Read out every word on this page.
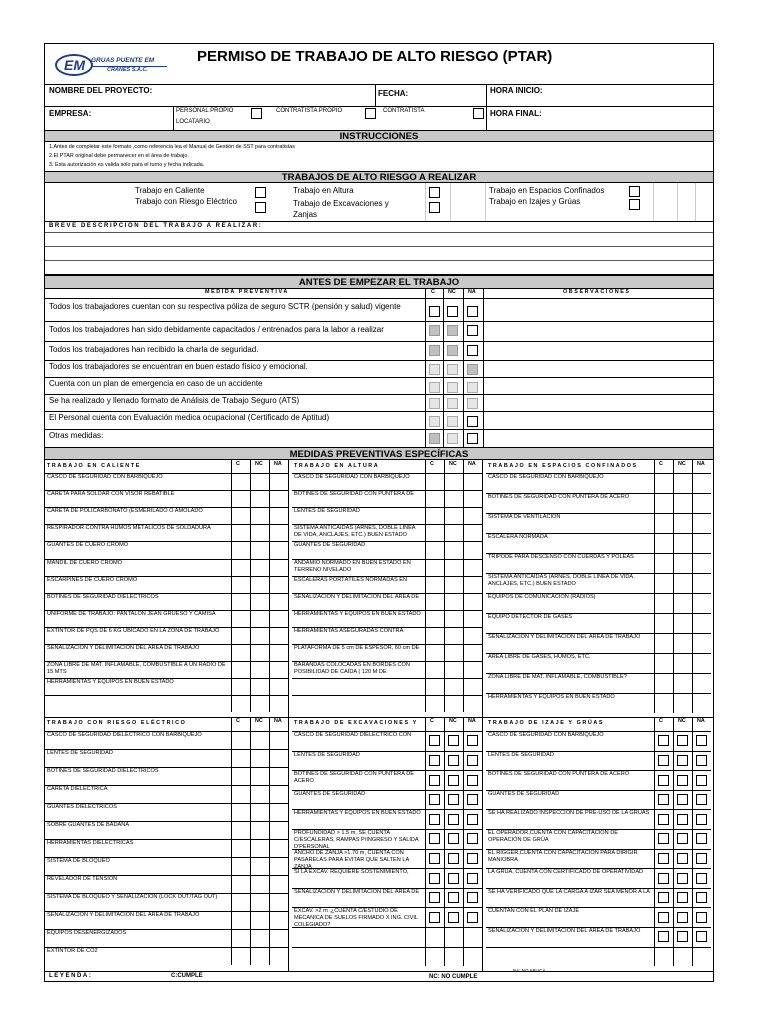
EM GRUAS PUENTE EM
CRANES S.A.C.
PERMISO DE TRABAJO DE ALTO RIESGO (PTAR)
NOMBRE DEL PROYECTO:	FECHA:	HORA INICIO:
EMPRESA:	PERSONAL PROPIO	CONTRATISTA PROPIO	CONTRATISTA
LOCATARIO
HORA FINAL:
INSTRUCCIONES
1.Antes de completar este formato ,como referencia lea el Manual de Gestión de SST para contratistas
2.El PTAR original debe permanecer en el área de trabajo.
3. Esta autorización es valida solo para el turno y fecha indicada.
TRABAJOS DE ALTO RIESGO A REALIZAR
Trabajo en Caliente
Trabajo con Riesgo Eléctrico
Trabajo en Altura
Trabajo de Excavaciones y Zanjas
Trabajo en Espacios Confinados
Trabajo en Izajes y Grúas
BREVE DESCRIPCIÓN DEL TRABAJO A REALIZAR:
ANTES DE EMPEZAR EL TRABAJO
MEDIDA PREVENTIVA	C NC NA	OBSERVACIONES
Todos los trabajadores cuentan con su respectiva póliza de seguro SCTR (pensión y salud) vigente
Todos los trabajadores han sido debidamente capacitados / entrenados para la labor a realizar
Todos los trabajadores han recibido la charla de seguridad.
Todos los trabajadores se encuentran en buen estado físico y emocional.
Cuenta con un plan de emergencia en caso de un accidente
Se ha realizado y llenado formato de Análisis de Trabajo Seguro (ATS)
El Personal cuenta con Evaluación medica ocupacional (Certificado de Aptitud)
Otras medidas:
MEDIDAS PREVENTIVAS ESPECÍFICAS
TRABAJO EN CALIENTE	C	NC NA
CASCO DE SEGURIDAD CON BARBIQUEJO
CARETA PARA SOLDAR CON VISOR REBATIBLE
CARETA DE POLICARBONATO (ESMERILADO O AMOLADO
RESPIRADOR CONTRA HUMOS METÁLICOS DE SOLDADURA
GUANTES DE CUERO CROMO
MANDIL DE CUERO CROMO
ESCARPINES DE CUERO CROMO
BOTINES DE SEGURIDAD DIELÉCTRICOS
UNIFORME DE TRABAJO: PANTALÓN JEAN GRUESO Y CAMISA
EXTINTOR DE PQS DE 6 KG UBICADO EN LA ZONA DE TRABAJO
SEÑALIZACIÓN Y DELIMITACIÓN DEL ÁREA DE TRABAJO
ZONA LIBRE DE MAT. INFLAMABLE, COMBUSTIBLE A UN RADIO DE 15 MTS
HERRAMIENTAS Y EQUIPOS EN BUEN ESTADO
TRABAJO EN ALTURA	C	NC NA
CASCO DE SEGURIDAD CON BARBIQUEJO
BOTINES DE SEGURIDAD CON PUNTERA DE
LENTES DE SEGURIDAD
SISTEMA ANTICAIDAS (ARNES, DOBLE LINEA DE VIDA, ANCLAJES, ETC.) BUEN ESTADO
GUANTES DE SEGURIDAD
ANDAMIO NORMADO EN BUEN ESTADO EN TERRENO NIVELADO
ESCALERAS PORTÁTILES NORMADAS EN
SEÑALIZACIÓN Y DELIMITACIÓN DEL ÁREA DE
HERRAMIENTAS Y EQUIPOS EN BUEN ESTADO
HERRAMIENTAS ASEGURADAS CONTRA
PLATAFORMA DE 5 cm DE ESPESOR, 60 cm DE
BARANDAS COLOCADAS EN BORDES CON POSIBILIDAD DE CAÍDA ( 120 M DE
TRABAJO EN ESPACIOS CONFINADOS	C	NC NA
CASCO DE SEGURIDAD CON BARBIQUEJO
BOTINES DE SEGURIDAD CON PUNTERA DE ACERO
SISTEMA DE VENTILACIÓN
ESCALERA NORMADA
TRIPODE PARA DESCENSO CON CUERDAS Y POLEAS
SISTEMA ANTICAIDAS (ARNES, DOBLE LINEA DE VIDA, ANCLAJES, ETC.) BUEN ESTADO
EQUIPOS DE COMUNICACIÓN (RADIOS)
EQUIPO DETECTOR DE GASES
SEÑALIZACIÓN Y DELIMITACIÓN DEL ÁREA DE TRABAJO
ÁREA LIBRE DE GASES, HUMOS, ETC.
ZONA LIBRE DE MAT. INFLAMABLE, COMBUSTIBLE?
HERRAMIENTAS Y EQUIPOS EN BUEN ESTADO
TRABAJO CON RIESGO ELÉCTRICO	C	NC NA
CASCO DE SEGURIDAD DIELECTRICO CON BARBIQUEJO
LENTES DE SEGURIDAD
BOTINES DE SEGURIDAD DIELÉCTRICOS
CARETA DIELÉCTRICA
GUANTES DIELÉCTRICOS
SOBRE GUANTES DE BADANA
HERRAMIENTAS DIELÉCTRICAS
SISTEMA DE BLOQUEO
REVELADOR DE TENSIÓN
SISTEMA DE BLOQUEO Y SEÑALIZACIÓN (LOCK OUT/TAG OUT)
SEÑALIZACIÓN Y DELIMITACIÓN DEL ÁREA DE TRABAJO
EQUIPOS DESENERGIZADOS
EXTINTOR DE CO2
TRABAJO DE EXCAVACIONES Y	C	NC NA
CASCO DE SEGURIDAD DIELECTRICO CON
LENTES DE SEGURIDAD
BOTINES DE SEGURIDAD CON PUNTERA DE ACERO
GUANTES DE SEGURIDAD
HERRAMIENTAS Y EQUIPOS EN BUEN ESTADO
PROFUNDIDAD > 1.5 m, SE CUENTA C/ESCALERAS, RAMPAS P/INGRESO Y SALIDA D'PERSONAL
ANCHO DE ZANJA >1.70 m, CUENTA CON PASARELAS PARA EVITAR QUE SALTEN LA ZANJA
SI LA EXCAV. REQUIERE SOSTENIMIENTO,
SEÑALIZACIÓN Y DELIMITACIÓN DEL ÁREA DE
EXCAV. >2 m ,¿CUENTA C/ESTUDIO DE MECANICA DE SUELOS FIRMADO X ING. CIVIL COLEGIADO?
TRABAJO DE IZAJE Y GRÚAS	C	NC NA
CASCO DE SEGURIDAD CON BARBIQUEJO
LENTES DE SEGURIDAD
BOTINES DE SEGURIDAD CON PUNTERA DE ACERO
GUANTES DE SEGURIDAD
SE HA REALIZADO INSPECCIÓN DE PRE-USO DE LA GRUAS
EL OPERADOR,CUENTA CON CAPACITACIÓN DE OPERACIÓN DE GRÚA
EL RIGGER,CUENTA CON CAPACITACIÓN PARA DIRIGIR MANIOBRA
LA GRÚA, CUENTA CON CERTIFICADO DE OPERATIVIDAD
SE HA VERIFICADO QUE LA CARGA A IZAR SEA MENOR A LA
CUENTAN CON EL PLAN DE IZAJE
SEÑALIZACIÓN Y DELIMITACIÓN DEL ÁREA DE TRABAJO
LEYENDA:	C:CUMPLE	NC: NO CUMPLE
NA: NO APLICA
